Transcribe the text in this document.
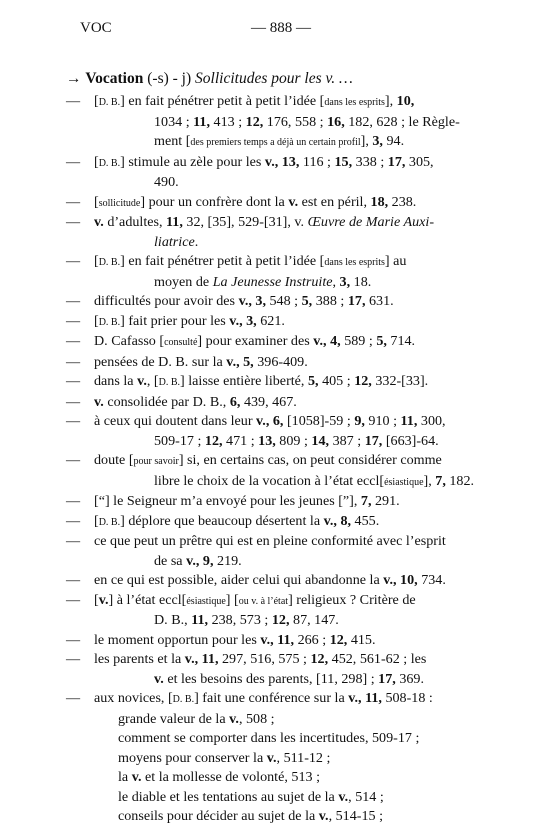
VOC	— 888 —
→ Vocation (-s) - j) Sollicitudes pour les v. …
— [D. B.] en fait pénétrer petit à petit l’idée [dans les esprits], 10,
1034 ; 11, 413 ; 12, 176, 558 ; 16, 182, 628 ; le Règle-
ment [des premiers temps a déjà un certain profil], 3, 94.
— [D. B.] stimule au zèle pour les v., 13, 116 ; 15, 338 ; 17, 305,
490.
— [sollicitude] pour un confrère dont la v. est en péril, 18, 238.
— v. d’adultes, 11, 32, [35], 529-[31], v. Œuvre de Marie Auxi-
liatrice.
— [D. B.] en fait pénétrer petit à petit l’idée [dans les esprits] au
moyen de La Jeunesse Instruite, 3, 18.
— difficultés pour avoir des v., 3, 548 ; 5, 388 ; 17, 631.
— [D. B.] fait prier pour les v., 3, 621.
— D. Cafasso [consulté] pour examiner des v., 4, 589 ; 5, 714.
— pensées de D. B. sur la v., 5, 396-409.
— dans la v., [D. B.] laisse entière liberté, 5, 405 ; 12, 332-[33].
— v. consolidée par D. B., 6, 439, 467.
— à ceux qui doutent dans leur v., 6, [1058]-59 ; 9, 910 ; 11, 300,
509-17 ; 12, 471 ; 13, 809 ; 14, 387 ; 17, [663]-64.
— doute [pour savoir] si, en certains cas, on peut considérer comme
libre le choix de la vocation à l’état eccl[ésiastique], 7, 182.
— [“] le Seigneur m’a envoyé pour les jeunes [”], 7, 291.
— [D. B.] déplore que beaucoup désertent la v., 8, 455.
— ce que peut un prêtre qui est en pleine conformité avec l’esprit
de sa v., 9, 219.
— en ce qui est possible, aider celui qui abandonne la v., 10, 734.
— [v.] à l’état eccl[ésiastique] [ou v. à l’état] religieux ? Critère de
D. B., 11, 238, 573 ; 12, 87, 147.
— le moment opportun pour les v., 11, 266 ; 12, 415.
— les parents et la v., 11, 297, 516, 575 ; 12, 452, 561-62 ; les
v. et les besoins des parents, [11, 298] ; 17, 369.
— aux novices, [D. B.] fait une conférence sur la v., 11, 508-18 :
grande valeur de la v., 508 ;
comment se comporter dans les incertitudes, 509-17 ;
moyens pour conserver la v., 511-12 ;
la v. et la mollesse de volonté, 513 ;
le diable et les tentations au sujet de la v., 514 ;
conseils pour décider au sujet de la v., 514-15 ;
